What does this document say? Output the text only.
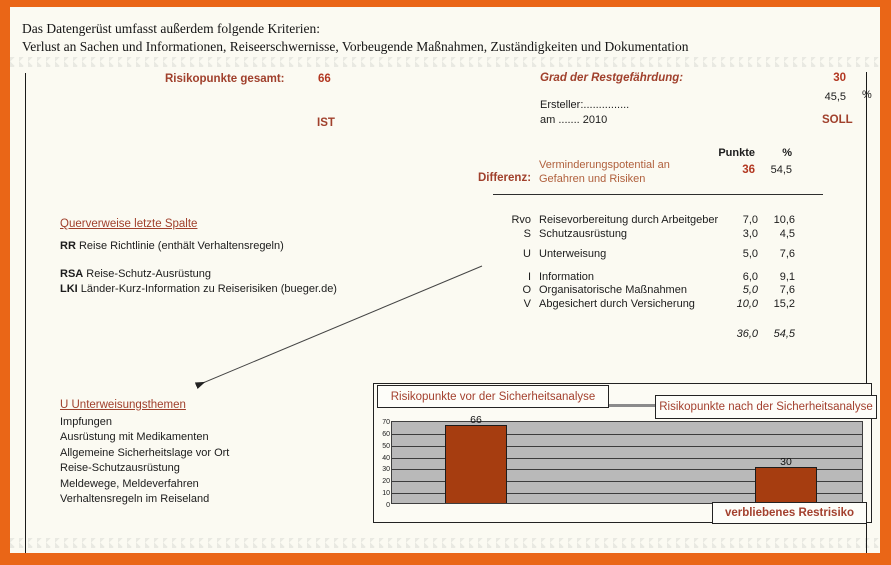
Das Datengerüst umfasst außerdem folgende Kriterien:
Verlust an Sachen und Informationen, Reiseerschwernisse, Vorbeugende Maßnahmen, Zuständigkeiten und Dokumentation
Risikopunkte gesamt:	66
IST
Grad der Restgefährdung:	30
45,5 %
Ersteller:...............
am ....... 2010	SOLL
Punkte	%
Verminderungspotential an
Gefahren und Risiken
Differenz:
36	54,5
Rvo Reisevorbereitung durch Arbeitgeber	7,0	10,6
S Schutzausrüstung	3,0	4,5
U Unterweisung	5,0	7,6
I Information	6,0	9,1
O Organisatorische Maßnahmen	5,0	7,6
V Abgesichert durch Versicherung	10,0	15,2
36,0	54,5
Querverweise letzte Spalte
RR Reise Richtlinie (enthält Verhaltensregeln)
RSA Reise-Schutz-Ausrüstung
LKI Länder-Kurz-Information zu Reiserisiken (bueger.de)
U Unterweisungsthemen
Impfungen
Ausrüstung mit Medikamenten
Allgemeine Sicherheitslage vor Ort
Reise-Schutzausrüstung
Meldewege, Meldeverfahren
Verhaltensregeln im Reiseland
0
10
20
30
40
50
60
70	66
30
Risikopunkte vor der Sicherheitsanalyse
Risikopunkte nach der Sicherheitsanalyse
verbliebenes Restrisiko
